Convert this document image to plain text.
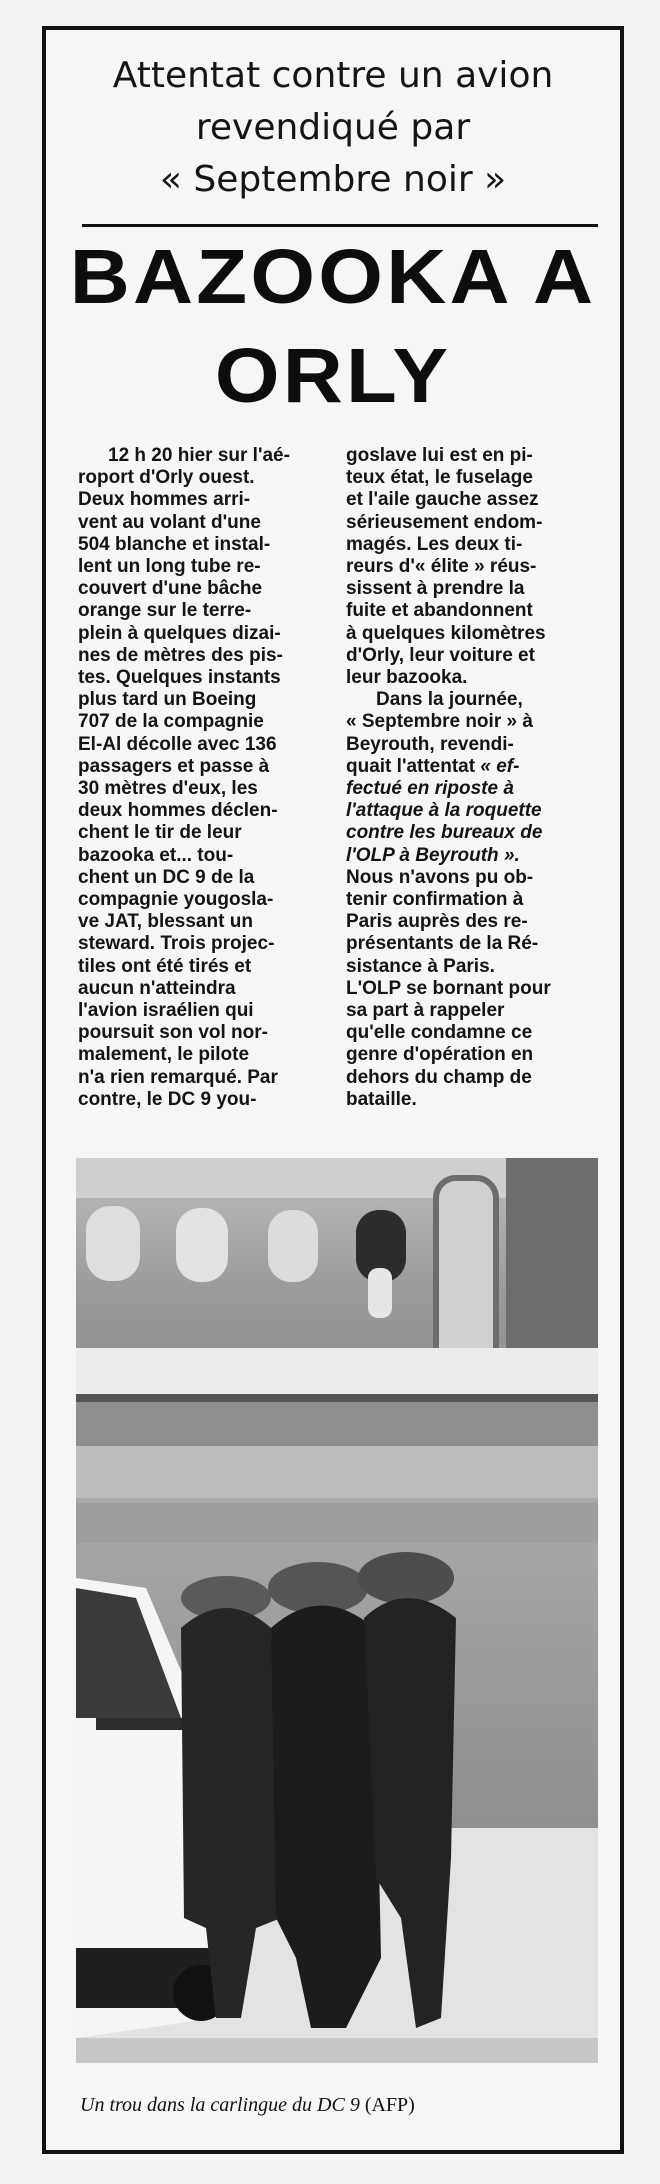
Attentat contre un avion
revendiqué par
« Septembre noir »
BAZOOKA A
ORLY

12 h 20 hier sur l'aé-

roport d'Orly ouest.

Deux hommes arri-

vent au volant d'une

504 blanche et instal-

lent un long tube re-

couvert d'une bâche

orange sur le terre-

plein à quelques dizai-

nes de mètres des pis-

tes. Quelques instants

plus tard un Boeing

707 de la compagnie

El-Al décolle avec 136

passagers et passe à

30 mètres d'eux, les

deux hommes déclen-

chent le tir de leur

bazooka et... tou-

chent un DC 9 de la

compagnie yougosla-

ve JAT, blessant un

steward. Trois projec-

tiles ont été tirés et

aucun n'atteindra

l'avion israélien qui

poursuit son vol nor-

malement, le pilote

n'a rien remarqué. Par

contre, le DC 9 you-

goslave lui est en pi-

teux état, le fuselage

et l'aile gauche assez

sérieusement endom-

magés. Les deux ti-

reurs d'« élite » réus-

sissent à prendre la

fuite et abandonnent

à quelques kilomètres

d'Orly, leur voiture et

leur bazooka.

Dans la journée,

« Septembre noir » à

Beyrouth, revendi-

quait l'attentat « ef-

fectué en riposte à

l'attaque à la roquette

contre les bureaux de

l'OLP à Beyrouth ».

Nous n'avons pu ob-

tenir confirmation à

Paris auprès des re-

présentants de la Ré-

sistance à Paris.

L'OLP se bornant pour

sa part à rappeler

qu'elle condamne ce

genre d'opération en

dehors du champ de

bataille.

Un trou dans la carlingue du DC 9 (AFP)
